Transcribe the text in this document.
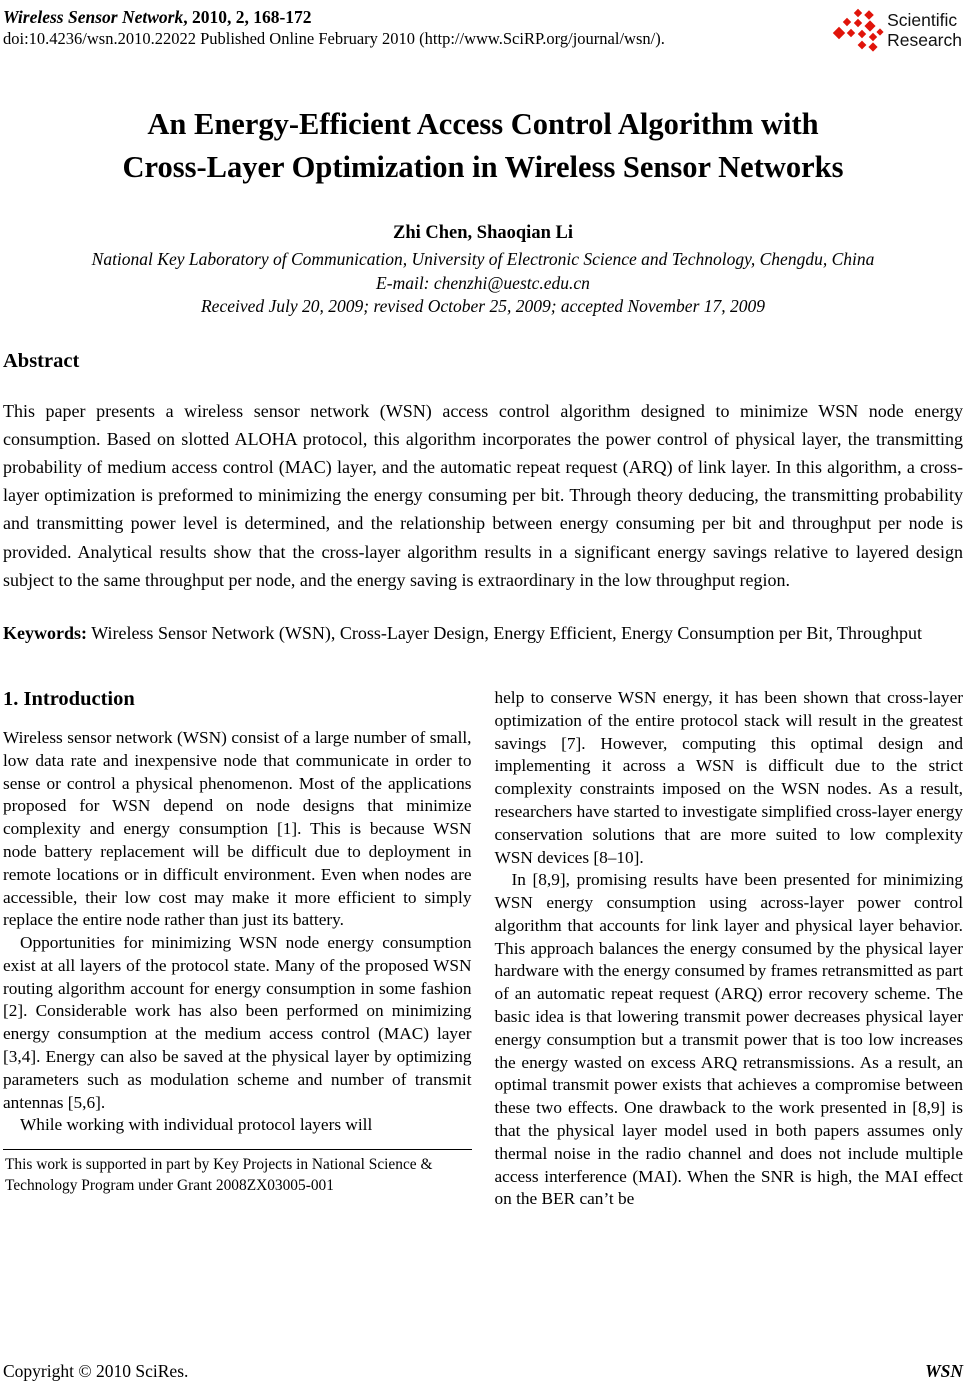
Wireless Sensor Network, 2010, 2, 168-172
doi:10.4236/wsn.2010.22022 Published Online February 2010 (http://www.SciRP.org/journal/wsn/).
Scientific
Research
An Energy-Efficient Access Control Algorithm with
Cross-Layer Optimization in Wireless Sensor Networks
Zhi Chen, Shaoqian Li
National Key Laboratory of Communication, University of Electronic Science and Technology, Chengdu, China
E-mail: chenzhi@uestc.edu.cn
Received July 20, 2009; revised October 25, 2009; accepted November 17, 2009
Abstract

This paper presents a wireless sensor network (WSN) access control algorithm designed to minimize WSN node energy consumption. Based on slotted ALOHA protocol, this algorithm incorporates the power control of physical layer, the transmitting probability of medium access control (MAC) layer, and the automatic repeat request (ARQ) of link layer. In this algorithm, a cross-layer optimization is preformed to minimizing the energy consuming per bit. Through theory deducing, the transmitting probability and transmitting power level is determined, and the relationship between energy consuming per bit and throughput per node is provided. Analytical results show that the cross-layer algorithm results in a significant energy savings relative to layered design subject to the same throughput per node, and the energy saving is extraordinary in the low throughput region.

Keywords: Wireless Sensor Network (WSN), Cross-Layer Design, Energy Efficient, Energy Consumption per Bit, Throughput
1. Introduction

Wireless sensor network (WSN) consist of a large number of small, low data rate and inexpensive node that communicate in order to sense or control a physical phenomenon. Most of the applications proposed for WSN depend on node designs that minimize complexity and energy consumption [1]. This is because WSN node battery replacement will be difficult due to deployment in remote locations or in difficult environment. Even when nodes are accessible, their low cost may make it more efficient to simply replace the entire node rather than just its battery.

Opportunities for minimizing WSN node energy consumption exist at all layers of the protocol state. Many of the proposed WSN routing algorithm account for energy consumption in some fashion [2]. Considerable work has also been performed on minimizing energy consumption at the medium access control (MAC) layer [3,4]. Energy can also be saved at the physical layer by optimizing parameters such as modulation scheme and number of transmit antennas [5,6].

While working with individual protocol layers will

This work is supported in part by Key Projects in National Science & Technology Program under Grant 2008ZX03005-001

help to conserve WSN energy, it has been shown that cross-layer optimization of the entire protocol stack will result in the greatest savings [7]. However, computing this optimal design and implementing it across a WSN is difficult due to the strict complexity constraints imposed on the WSN nodes. As a result, researchers have started to investigate simplified cross-layer energy conservation solutions that are more suited to low complexity WSN devices [8–10].

In [8,9], promising results have been presented for minimizing WSN energy consumption using across-layer power control algorithm that accounts for link layer and physical layer behavior. This approach balances the energy consumed by the physical layer hardware with the energy consumed by frames retransmitted as part of an automatic repeat request (ARQ) error recovery scheme. The basic idea is that lowering transmit power decreases physical layer energy consumption but a transmit power that is too low increases the energy wasted on excess ARQ retransmissions. As a result, an optimal transmit power exists that achieves a compromise between these two effects. One drawback to the work presented in [8,9] is that the physical layer model used in both papers assumes only thermal noise in the radio channel and does not include multiple access interference (MAI). When the SNR is high, the MAI effect on the BER can’t be

Copyright © 2010 SciRes.	WSN
